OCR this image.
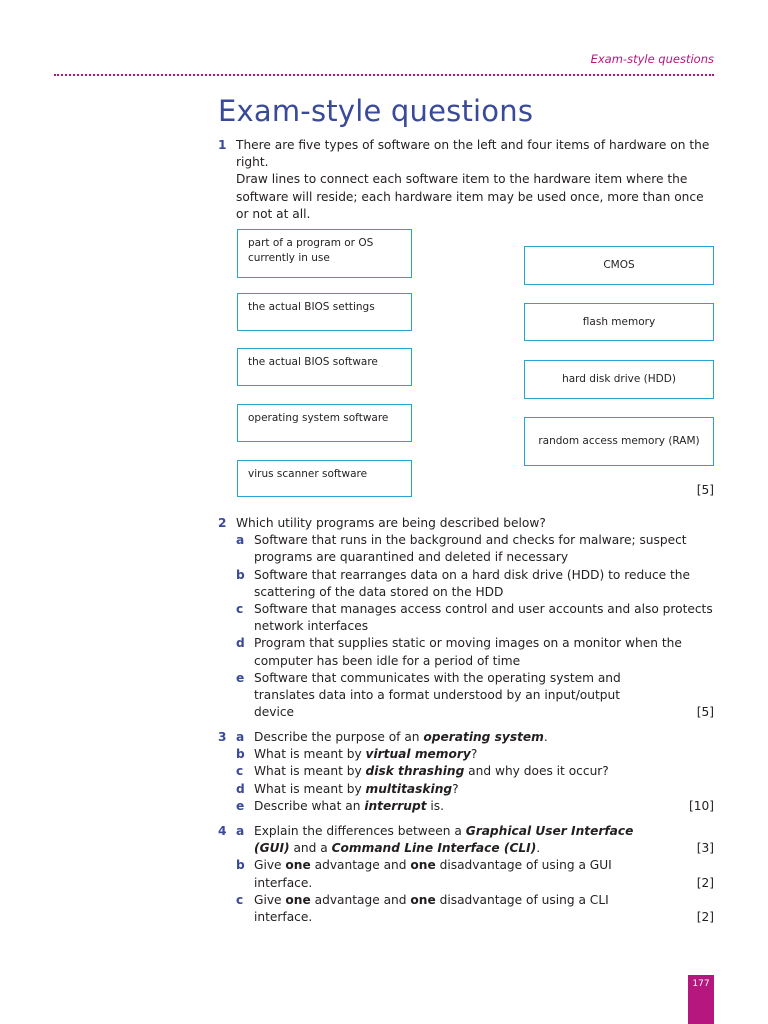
Exam-style questions
Exam-style questions
1 There are five types of software on the left and four items of hardware on the right.
Draw lines to connect each software item to the hardware item where the software will reside; each hardware item may be used once, more than once or not at all.
part of a program or OS currently in use
the actual BIOS settings
the actual BIOS software
operating system software
virus scanner software
CMOS
flash memory
hard disk drive (HDD)
random access memory (RAM)
[5]
2 Which utility programs are being described below?
a Software that runs in the background and checks for malware; suspect programs are quarantined and deleted if necessary
b Software that rearranges data on a hard disk drive (HDD) to reduce the scattering of the data stored on the HDD
c Software that manages access control and user accounts and also protects network interfaces
d Program that supplies static or moving images on a monitor when the computer has been idle for a period of time
e Software that communicates with the operating system and translates data into a format understood by an input/output device	[5]
3 a Describe the purpose of an operating system.
b What is meant by virtual memory?
c What is meant by disk thrashing and why does it occur?
d What is meant by multitasking?
e Describe what an interrupt is.	[10]
4 a Explain the differences between a Graphical User Interface (GUI) and a Command Line Interface (CLI).	[3]
b Give one advantage and one disadvantage of using a GUI interface.	[2]
c Give one advantage and one disadvantage of using a CLI interface.	[2]
177
